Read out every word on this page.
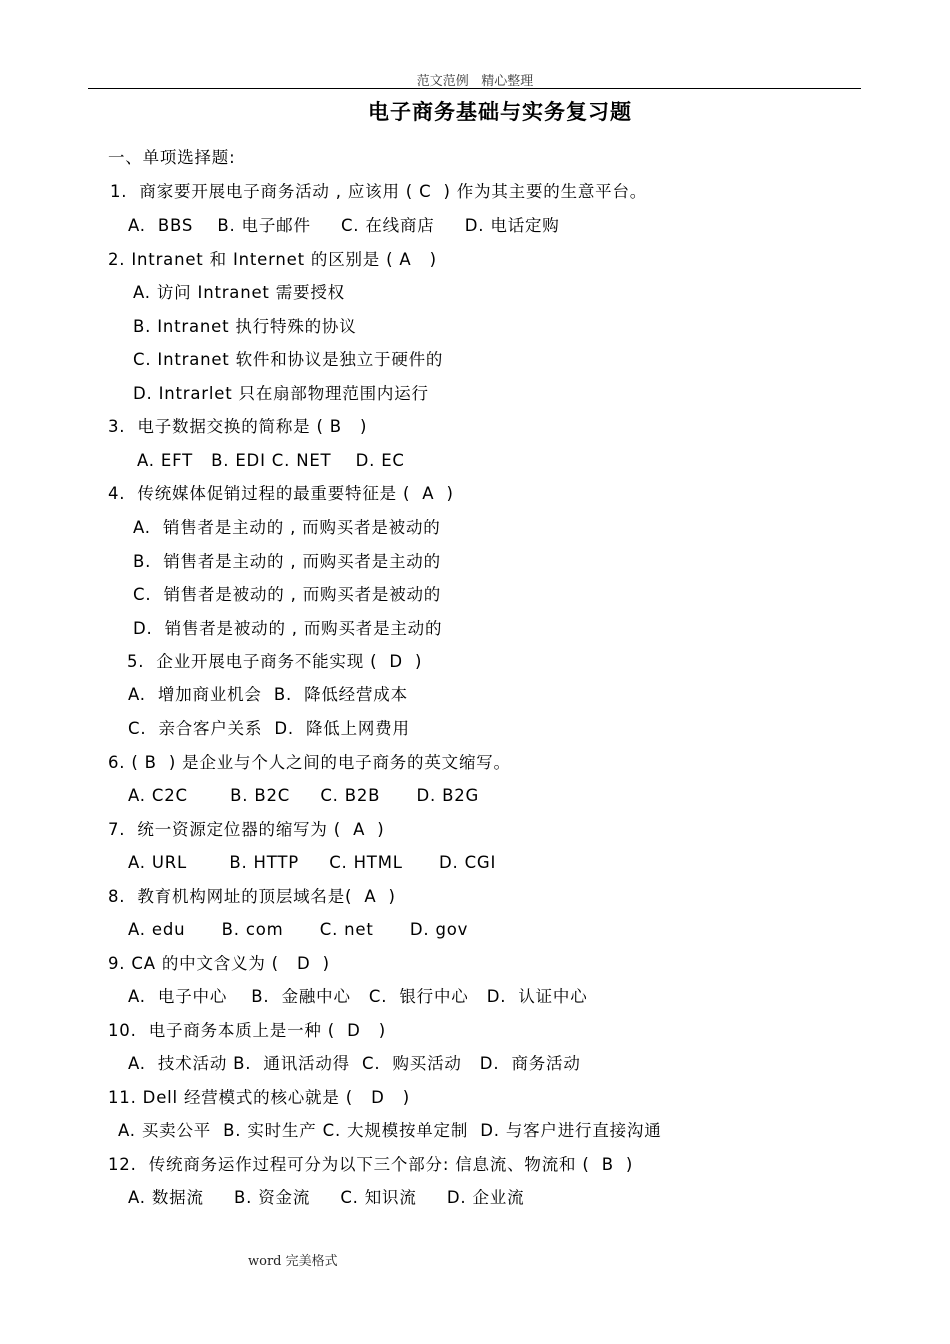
范文范例   精心整理
电子商务基础与实务复习题
一、单项选择题:
1.  商家要开展电子商务活动 , 应该用 ( C  ) 作为其主要的生意平台。
A.  BBS    B. 电子邮件     C. 在线商店     D. 电话定购
2. Intranet 和 Internet 的区别是 ( A   )
A. 访问 Intranet 需要授权
B. Intranet 执行特殊的协议
C. Intranet 软件和协议是独立于硬件的
D. Intrarlet 只在扇部物理范围内运行
3.  电子数据交换的简称是 ( B   )
A. EFT   B. EDI C. NET    D. EC
4.  传统媒体促销过程的最重要特征是 (  A  )
A.  销售者是主动的 , 而购买者是被动的
B.  销售者是主动的 , 而购买者是主动的
C.  销售者是被动的 , 而购买者是被动的
D.  销售者是被动的 , 而购买者是主动的
5.  企业开展电子商务不能实现 (  D  )
A.  增加商业机会  B.  降低经营成本
C.  亲合客户关系  D.  降低上网费用
6. ( B  ) 是企业与个人之间的电子商务的英文缩写。
A. C2C       B. B2C     C. B2B      D. B2G
7.  统一资源定位器的缩写为 (  A  )
A. URL       B. HTTP     C. HTML      D. CGI
8.  教育机构网址的顶层域名是(  A  )
A. edu      B. com      C. net      D. gov
9. CA 的中文含义为 (   D  )
A.  电子中心    B.  金融中心   C.  银行中心   D.  认证中心
10.  电子商务本质上是一种 (  D   )
A.  技术活动 B.  通讯活动得  C.  购买活动   D.  商务活动
11. Dell 经营模式的核心就是 (   D   )
A. 买卖公平  B. 实时生产 C. 大规模按单定制  D. 与客户进行直接沟通
12.  传统商务运作过程可分为以下三个部分: 信息流、物流和 (  B  )
A. 数据流     B. 资金流     C. 知识流     D. 企业流
word 完美格式
